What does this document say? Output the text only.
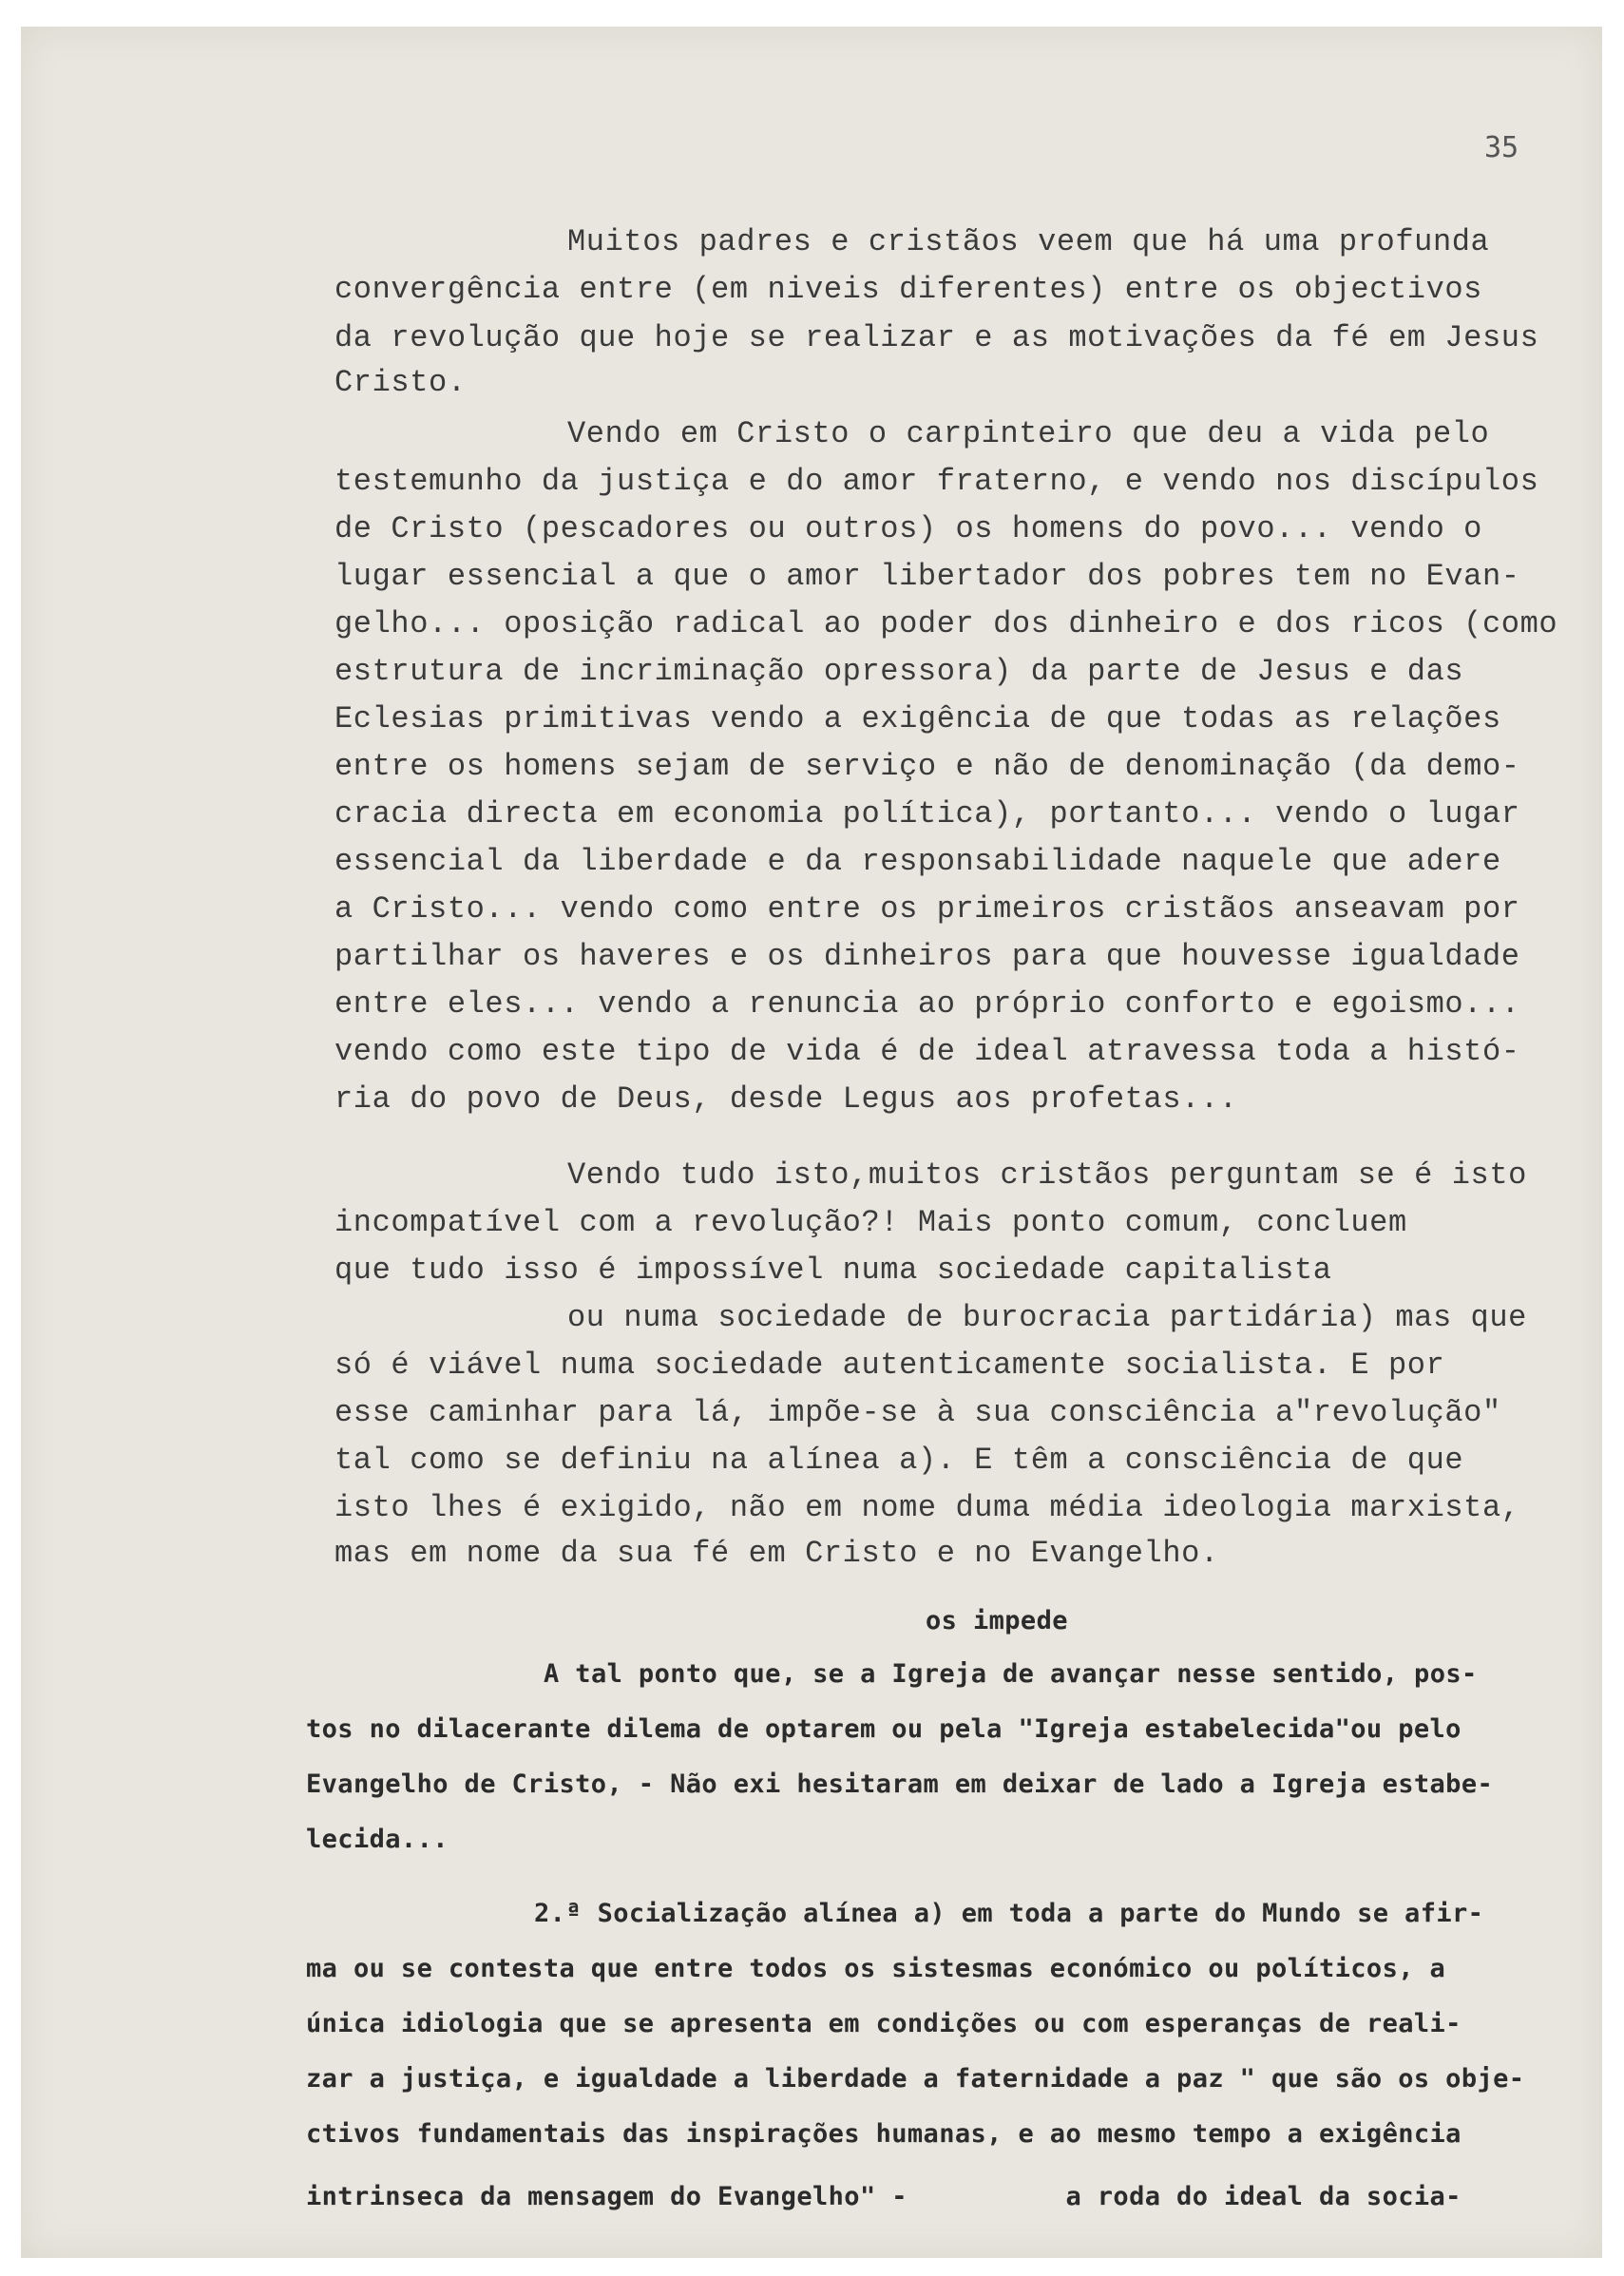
35
Muitos padres e cristãos veem que há uma profunda
convergência entre (em niveis diferentes) entre os objectivos
da revolução que hoje se realizar e as motivações da fé em Jesus
Cristo.
Vendo em Cristo o carpinteiro que deu a vida pelo
testemunho da justiça e do amor fraterno, e vendo nos discípulos
de Cristo (pescadores ou outros) os homens do povo... vendo o
lugar essencial a que o amor libertador dos pobres tem no Evan-
gelho... oposição radical ao poder dos dinheiro e dos ricos (como
estrutura de incriminação opressora) da parte de Jesus e das
Eclesias primitivas vendo a exigência de que todas as relações
entre os homens sejam de serviço e não de denominação (da demo-
cracia directa em economia política), portanto... vendo o lugar
essencial da liberdade e da responsabilidade naquele que adere
a Cristo... vendo como entre os primeiros cristãos anseavam por
partilhar os haveres e os dinheiros para que houvesse igualdade
entre eles... vendo a renuncia ao próprio conforto e egoismo...
vendo como este tipo de vida é de ideal atravessa toda a histó-
ria do povo de Deus, desde Legus aos profetas...
Vendo tudo isto,muitos cristãos perguntam se é isto
incompatível com a revolução?! Mais ponto comum, concluem
que tudo isso é impossível numa sociedade capitalista
ou numa sociedade de burocracia partidária) mas que
só é viável numa sociedade autenticamente socialista. E por
esse caminhar para lá, impõe-se à sua consciência a"revolução"
tal como se definiu na alínea a). E têm a consciência de que
isto lhes é exigido, não em nome duma média ideologia marxista,
mas em nome da sua fé em Cristo e no Evangelho.
os impede
A tal ponto que, se a Igreja de avançar nesse sentido, pos-
tos no dilacerante dilema de optarem ou pela "Igreja estabelecida"ou pelo
Evangelho de Cristo, - Não exi hesitaram em deixar de lado a Igreja estabe-
lecida...
2.ª Socialização alínea a) em toda a parte do Mundo se afir-
ma ou se contesta que entre todos os sistesmas económico ou políticos, a
única idiologia que se apresenta em condições ou com esperanças de reali-
zar a justiça, e igualdade a liberdade a faternidade a paz " que são os obje-
ctivos fundamentais das inspirações humanas, e ao mesmo tempo a exigência
intrinseca da mensagem do Evangelho" -          a roda do ideal da socia-
